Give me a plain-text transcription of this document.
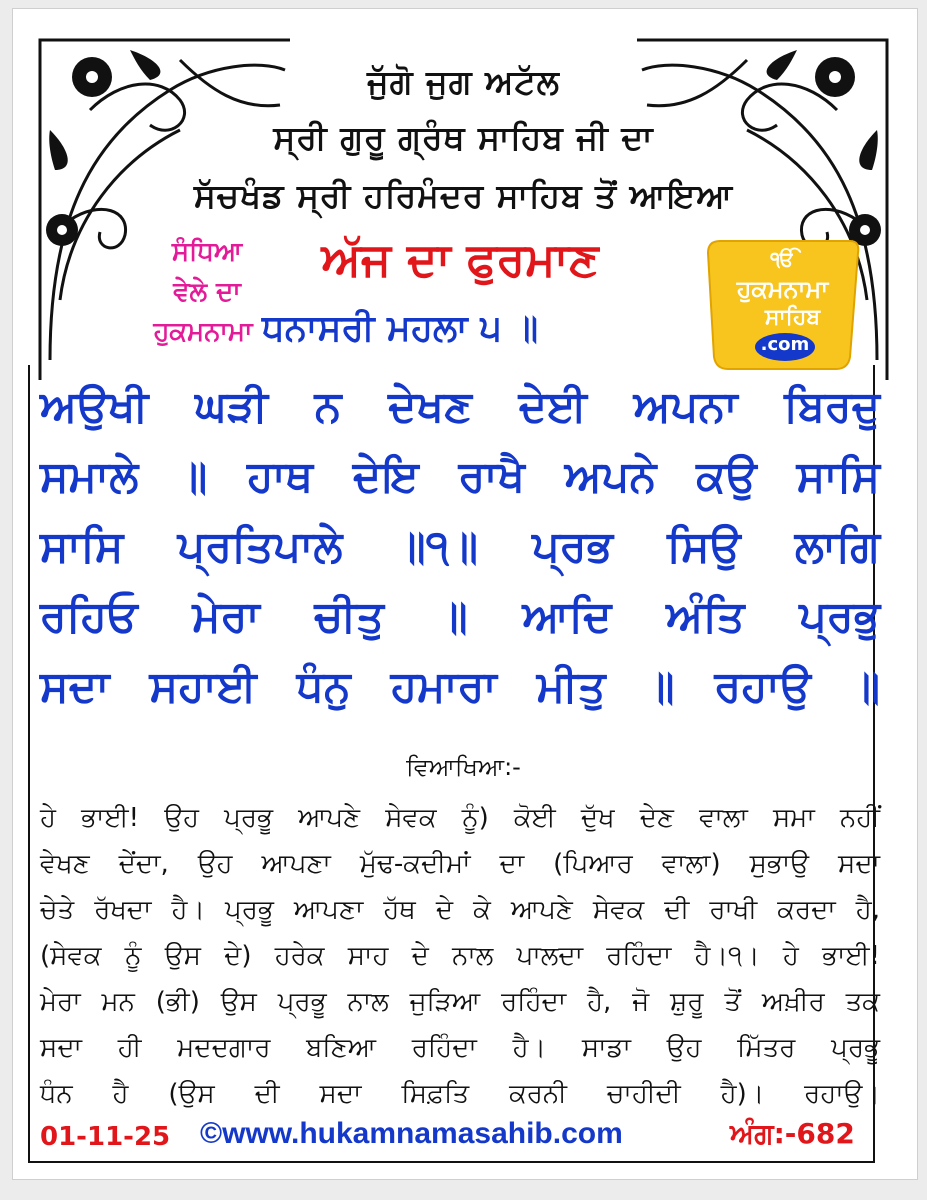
ਜੁੱਗੋ ਜੁਗ ਅਟੱਲ
ਸ੍ਰੀ ਗੁਰੂ ਗ੍ਰੰਥ ਸਾਹਿਬ ਜੀ ਦਾ
ਸੱਚਖੰਡ ਸ੍ਰੀ ਹਰਿਮੰਦਰ ਸਾਹਿਬ ਤੋਂ ਆਇਆ
ਸੰਧਿਆ
ਵੇਲੇ ਦਾ
ਹੁਕਮਨਾਮਾ
ਅੱਜ ਦਾ ਫੁਰਮਾਣ
ਧਨਾਸਰੀ ਮਹਲਾ ੫ ॥
ੴ
ਹੁਕਮਨਾਮਾ
ਸਾਹਿਬ
.com
ਅਉਖੀ ਘੜੀ ਨ ਦੇਖਣ ਦੇਈ ਅਪਨਾ ਬਿਰਦੁ
ਸਮਾਲੇ ॥ ਹਾਥ ਦੇਇ ਰਾਖੈ ਅਪਨੇ ਕਉ ਸਾਸਿ
ਸਾਸਿ ਪ੍ਰਤਿਪਾਲੇ ॥੧॥ ਪ੍ਰਭ ਸਿਉ ਲਾਗਿ
ਰਹਿਓ ਮੇਰਾ ਚੀਤੁ ॥ ਆਦਿ ਅੰਤਿ ਪ੍ਰਭੁ
ਸਦਾ ਸਹਾਈ ਧੰਨੁ ਹਮਾਰਾ ਮੀਤੁ ॥ ਰਹਾਉ ॥
ਵਿਆਖਿਆ:-
ਹੇ ਭਾਈ! ਉਹ ਪ੍ਰਭੂ ਆਪਣੇ ਸੇਵਕ ਨੂੰ) ਕੋਈ ਦੁੱਖ ਦੇਣ ਵਾਲਾ ਸਮਾ ਨਹੀਂ
ਵੇਖਣ ਦੇਂਦਾ, ਉਹ ਆਪਣਾ ਮੁੱਢ-ਕਦੀਮਾਂ ਦਾ (ਪਿਆਰ ਵਾਲਾ) ਸੁਭਾਉ ਸਦਾ
ਚੇਤੇ ਰੱਖਦਾ ਹੈ। ਪ੍ਰਭੂ ਆਪਣਾ ਹੱਥ ਦੇ ਕੇ ਆਪਣੇ ਸੇਵਕ ਦੀ ਰਾਖੀ ਕਰਦਾ ਹੈ,
(ਸੇਵਕ ਨੂੰ ਉਸ ਦੇ) ਹਰੇਕ ਸਾਹ ਦੇ ਨਾਲ ਪਾਲਦਾ ਰਹਿੰਦਾ ਹੈ।੧। ਹੇ ਭਾਈ!
ਮੇਰਾ ਮਨ (ਭੀ) ਉਸ ਪ੍ਰਭੂ ਨਾਲ ਜੁੜਿਆ ਰਹਿੰਦਾ ਹੈ, ਜੋ ਸ਼ੁਰੂ ਤੋਂ ਅਖ਼ੀਰ ਤਕ
ਸਦਾ ਹੀ ਮਦਦਗਾਰ ਬਣਿਆ ਰਹਿੰਦਾ ਹੈ। ਸਾਡਾ ਉਹ ਮਿੱਤਰ ਪ੍ਰਭੂ
ਧੰਨ ਹੈ (ਉਸ ਦੀ ਸਦਾ ਸਿਫ਼ਤਿ ਕਰਨੀ ਚਾਹੀਦੀ ਹੈ)। ਰਹਾਉ।
01-11-25 ©www.hukamnamasahib.com	ਅੰਗ:-682
